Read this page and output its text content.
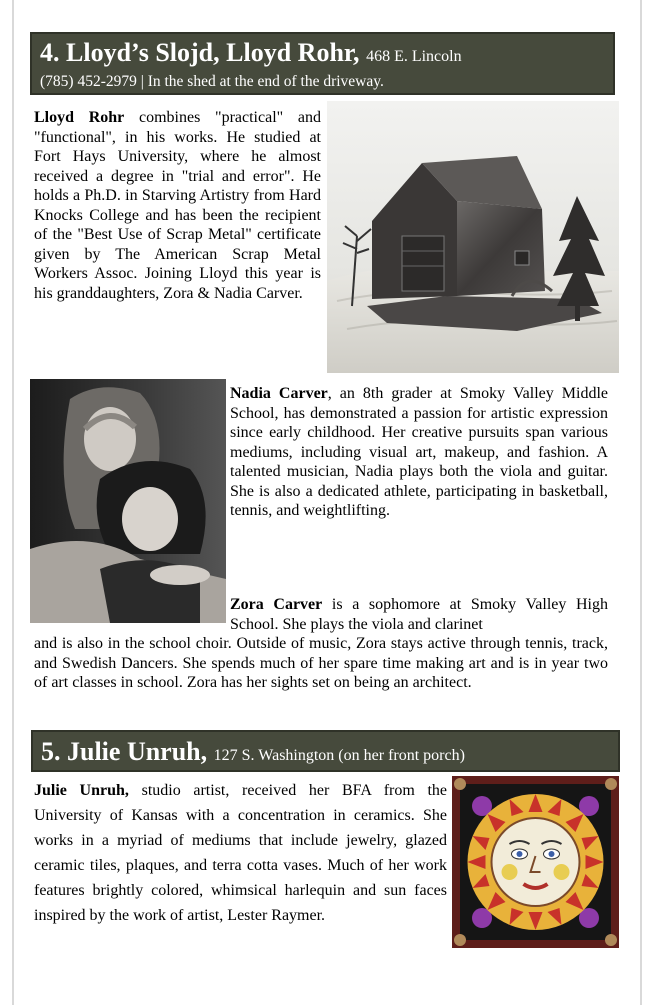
4. Lloyd’s Slojd, Lloyd Rohr, 468 E. Lincoln
(785) 452-2979 | In the shed at the end of the driveway.
Lloyd Rohr combines "practical" and "functional", in his works. He studied at Fort Hays University, where he almost received a degree in "trial and error". He holds a Ph.D. in Starving Artistry from Hard Knocks College and has been the recipient of the "Best Use of Scrap Metal" certificate given by The American Scrap Metal Workers Assoc. Joining Lloyd this year is his granddaughters, Zora & Nadia Carver.
Nadia Carver, an 8th grader at Smoky Valley Middle School, has demonstrated a passion for artistic expression since early childhood. Her creative pursuits span various mediums, including visual art, makeup, and fashion. A talented musician, Nadia plays both the viola and guitar. She is also a dedicated athlete, participating in basketball, tennis, and weightlifting.
Zora Carver is a sophomore at Smoky Valley High School. She plays the viola and clarinet
and is also in the school choir. Outside of music, Zora stays active through tennis, track, and Swedish Dancers. She spends much of her spare time making art and is in year two of art classes in school. Zora has her sights set on being an architect.
5. Julie Unruh, 127 S. Washington (on her front porch)
Julie Unruh, studio artist, received her BFA from the University of Kansas with a concentration in ceramics. She works in a myriad of mediums that include jewelry, glazed ceramic tiles, plaques, and terra cotta vases. Much of her work features brightly colored, whimsical harlequin and sun faces inspired by the work of artist, Lester Raymer.
